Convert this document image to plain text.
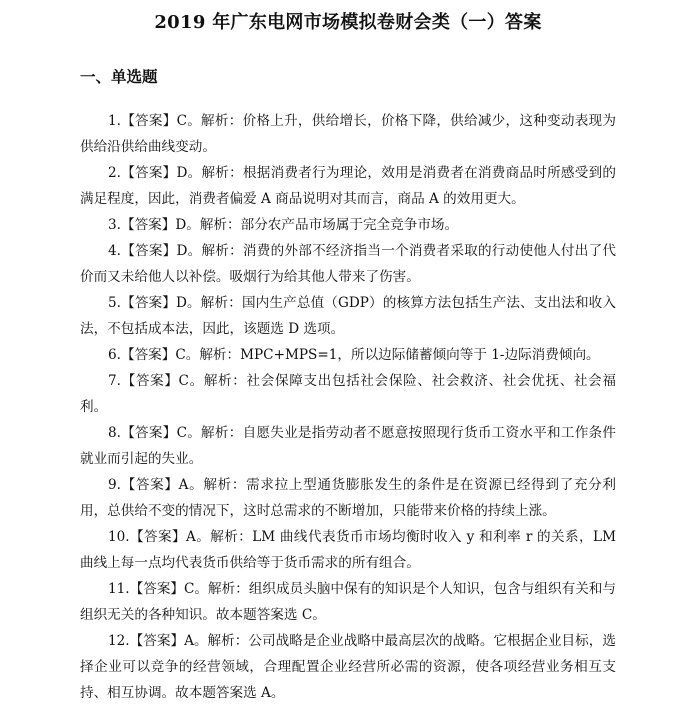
2019 年广东电网市场模拟卷财会类（一）答案
一、单选题
1.【答案】C。解析：价格上升，供给增长，价格下降，供给减少，这种变动表现为供给沿供给曲线变动。
2.【答案】D。解析：根据消费者行为理论，效用是消费者在消费商品时所感受到的满足程度，因此，消费者偏爱 A 商品说明对其而言，商品 A 的效用更大。
3.【答案】D。解析：部分农产品市场属于完全竞争市场。
4.【答案】D。解析：消费的外部不经济指当一个消费者采取的行动使他人付出了代价而又未给他人以补偿。吸烟行为给其他人带来了伤害。
5.【答案】D。解析：国内生产总值（GDP）的核算方法包括生产法、支出法和收入法，不包括成本法，因此，该题选 D 选项。
6.【答案】C。解析：MPC+MPS=1，所以边际储蓄倾向等于 1-边际消费倾向。
7.【答案】C。解析：社会保障支出包括社会保险、社会救济、社会优抚、社会福利。
8.【答案】C。解析：自愿失业是指劳动者不愿意按照现行货币工资水平和工作条件就业而引起的失业。
9.【答案】A。解析：需求拉上型通货膨胀发生的条件是在资源已经得到了充分利用，总供给不变的情况下，这时总需求的不断增加，只能带来价格的持续上涨。
10.【答案】A。解析：LM 曲线代表货币市场均衡时收入 y 和利率 r 的关系，LM 曲线上每一点均代表货币供给等于货币需求的所有组合。
11.【答案】C。解析：组织成员头脑中保有的知识是个人知识，包含与组织有关和与组织无关的各种知识。故本题答案选 C。
12.【答案】A。解析：公司战略是企业战略中最高层次的战略。它根据企业目标，选择企业可以竞争的经营领域，合理配置企业经营所必需的资源，使各项经营业务相互支持、相互协调。故本题答案选 A。
